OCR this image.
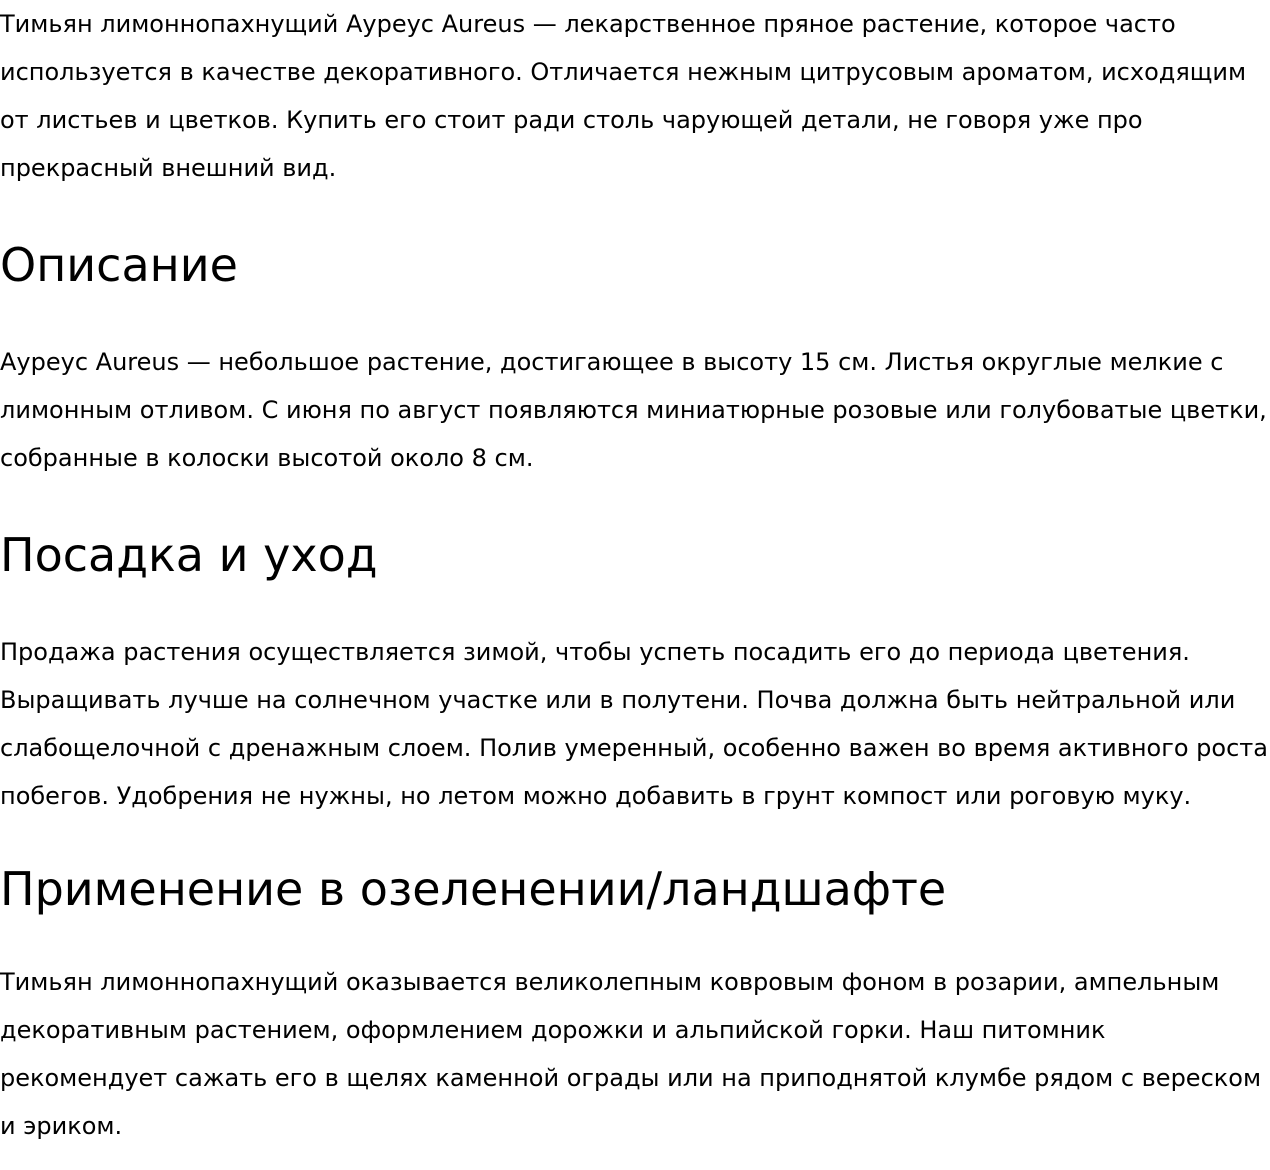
Тимьян лимоннопахнущий Ауреус Aureus — лекарственное пряное растение, которое часто используется в качестве декоративного. Отличается нежным цитрусовым ароматом, исходящим от листьев и цветков. Купить его стоит ради столь чарующей детали, не говоря уже про прекрасный внешний вид.

Описание

Ауреус Aureus — небольшое растение, достигающее в высоту 15 см. Листья округлые мелкие с лимонным отливом. С июня по август появляются миниатюрные розовые или голубоватые цветки, собранные в колоски высотой около 8 см.

Посадка и уход

Продажа растения осуществляется зимой, чтобы успеть посадить его до периода цветения. Выращивать лучше на солнечном участке или в полутени. Почва должна быть нейтральной или слабощелочной с дренажным слоем. Полив умеренный, особенно важен во время активного роста побегов. Удобрения не нужны, но летом можно добавить в грунт компост или роговую муку.

Применение в озеленении/ландшафте

Тимьян лимоннопахнущий оказывается великолепным ковровым фоном в розарии, ампельным декоративным растением, оформлением дорожки и альпийской горки. Наш питомник рекомендует сажать его в щелях каменной ограды или на приподнятой клумбе рядом с вереском и эриком.
